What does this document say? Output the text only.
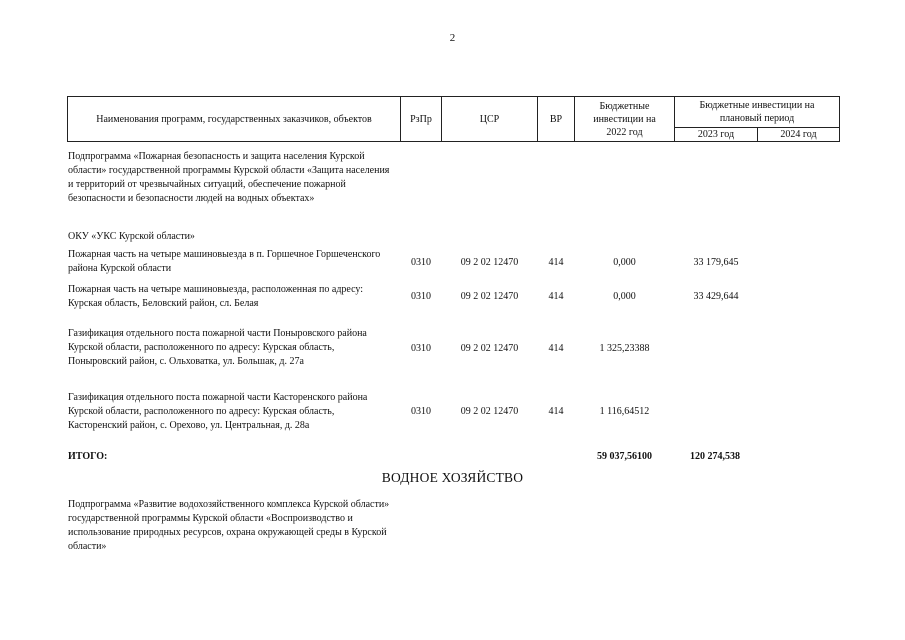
2
Наименования программ, государственных заказчиков, объектов	РзПр	ЦСР	ВР
Бюджетные инвестиции на 2022 год
Бюджетные инвестиции на плановый период
2023 год	2024 год
Подпрограмма «Пожарная безопасность и защита населения Курской области» государственной программы Курской области «Защита населения и территорий от чрезвычайных ситуаций, обеспечение пожарной безопасности и безопасности людей на водных объектах»
ОКУ «УКС Курской области»
Пожарная часть на четыре машиновыезда в п. Горшечное Горшеченского района Курской области
0310	09 2 02 12470	414	0,000	33 179,645
Пожарная часть на четыре машиновыезда, расположенная по адресу: Курская область, Беловский район, сл. Белая
0310	09 2 02 12470	414	0,000	33 429,644
Газификация отдельного поста пожарной части Поныровского района Курской области, расположенного по адресу: Курская область, Поныровский район, с. Ольховатка, ул. Большак, д. 27а
0310	09 2 02 12470	414	1 325,23388
Газификация отдельного поста пожарной части Касторенского района Курской области, расположенного по адресу: Курская область, Касторенский район, с. Орехово, ул. Центральная, д. 28а
0310	09 2 02 12470	414	1 116,64512
ИТОГО:	59 037,56100	120 274,538
ВОДНОЕ ХОЗЯЙСТВО
Подпрограмма «Развитие водохозяйственного комплекса Курской области» государственной программы Курской области «Воспроизводство и использование природных ресурсов, охрана окружающей среды в Курской области»
